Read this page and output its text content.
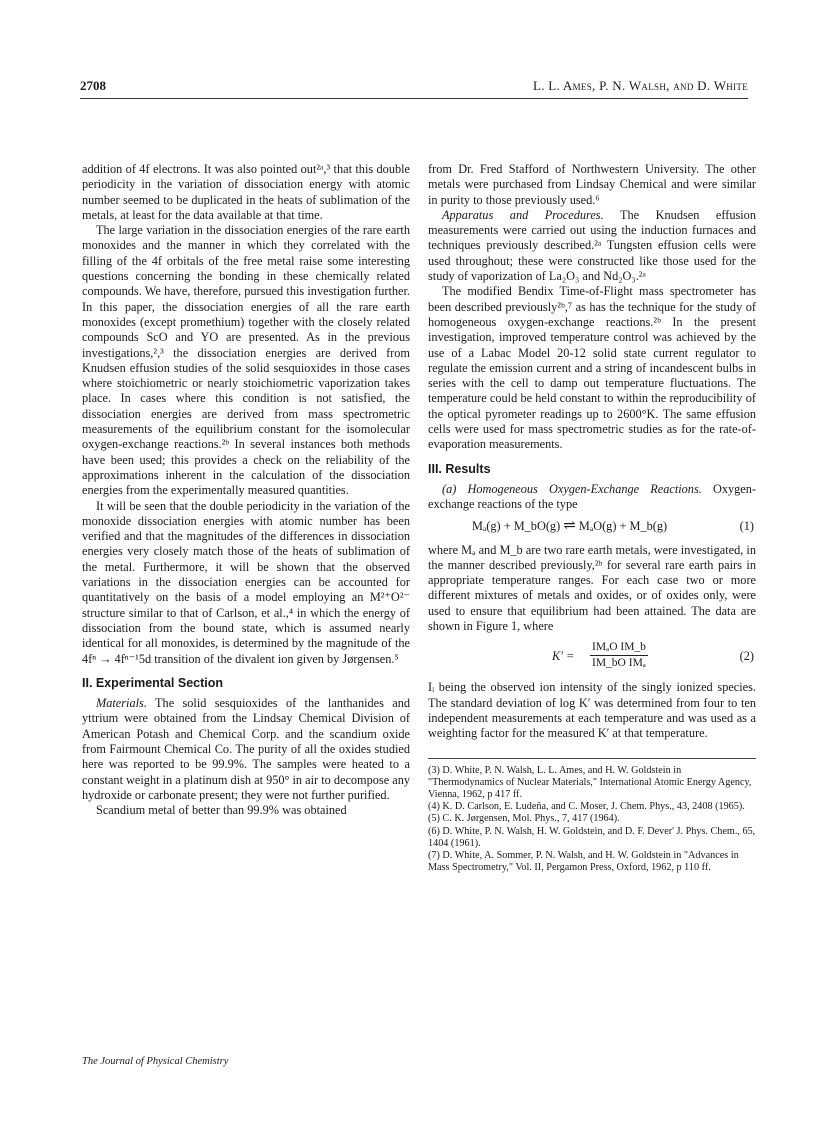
2708	L. L. Ames, P. N. Walsh, and D. White

addition of 4f electrons. It was also pointed out²ᵃ,³ that this double periodicity in the variation of dissociation energy with atomic number seemed to be duplicated in the heats of sublimation of the metals, at least for the data available at that time.

The large variation in the dissociation energies of the rare earth monoxides and the manner in which they correlated with the filling of the 4f orbitals of the free metal raise some interesting questions concerning the bonding in these chemically related compounds. We have, therefore, pursued this investigation further. In this paper, the dissociation energies of all the rare earth monoxides (except promethium) together with the closely related compounds ScO and YO are presented. As in the previous investigations,²,³ the dissociation energies are derived from Knudsen effusion studies of the solid sesquioxides in those cases where stoichiometric or nearly stoichiometric vaporization takes place. In cases where this condition is not satisfied, the dissociation energies are derived from mass spectrometric measurements of the equilibrium constant for the isomolecular oxygen-exchange reactions.²ᵇ In several instances both methods have been used; this provides a check on the reliability of the approximations inherent in the calculation of the dissociation energies from the experimentally measured quantities.

It will be seen that the double periodicity in the variation of the monoxide dissociation energies with atomic number has been verified and that the magnitudes of the differences in dissociation energies very closely match those of the heats of sublimation of the metal. Furthermore, it will be shown that the observed variations in the dissociation energies can be accounted for quantitatively on the basis of a model employing an M²⁺O²⁻ structure similar to that of Carlson, et al.,⁴ in which the energy of dissociation from the bound state, which is assumed nearly identical for all monoxides, is determined by the magnitude of the 4fⁿ → 4fⁿ⁻¹5d transition of the divalent ion given by Jørgensen.⁵

II. Experimental Section

Materials. The solid sesquioxides of the lanthanides and yttrium were obtained from the Lindsay Chemical Division of American Potash and Chemical Corp. and the scandium oxide from Fairmount Chemical Co. The purity of all the oxides studied here was reported to be 99.9%. The samples were heated to a constant weight in a platinum dish at 950° in air to decompose any hydroxide or carbonate present; they were not further purified.

Scandium metal of better than 99.9% was obtained

from Dr. Fred Stafford of Northwestern University. The other metals were purchased from Lindsay Chemical and were similar in purity to those previously used.⁶

Apparatus and Procedures. The Knudsen effusion measurements were carried out using the induction furnaces and techniques previously described.²ᵃ Tungsten effusion cells were used throughout; these were constructed like those used for the study of vaporization of La₂O₃ and Nd₂O₃.²ᵃ

The modified Bendix Time-of-Flight mass spectrometer has been described previously²ᵇ,⁷ as has the technique for the study of homogeneous oxygen-exchange reactions.²ᵇ In the present investigation, improved temperature control was achieved by the use of a Labac Model 20-12 solid state current regulator to regulate the emission current and a string of incandescent bulbs in series with the cell to damp out temperature fluctuations. The temperature could be held constant to within the reproducibility of the optical pyrometer readings up to 2600°K. The same effusion cells were used for mass spectrometric studies as for the rate-of-evaporation measurements.

III. Results

(a) Homogeneous Oxygen-Exchange Reactions. Oxygen-exchange reactions of the type

Mₐ(g) + M_bO(g) ⇌ MₐO(g) + M_b(g)	(1)

where Mₐ and M_b are two rare earth metals, were investigated, in the manner described previously,²ᵇ for several rare earth pairs in appropriate temperature ranges. For each case two or more different mixtures of metals and oxides, or of oxides only, were used to ensure that equilibrium had been attained. The data are shown in Figure 1, where

K′ =
IMₐO IM_b
IM_bO IMₐ	(2)

Iᵢ being the observed ion intensity of the singly ionized species. The standard deviation of log K′ was determined from four to ten independent measurements at each temperature and was used as a weighting factor for the measured K′ at that temperature.

(3) D. White, P. N. Walsh, L. L. Ames, and H. W. Goldstein in "Thermodynamics of Nuclear Materials," International Atomic Energy Agency, Vienna, 1962, p 417 ff.

(4) K. D. Carlson, E. Ludeña, and C. Moser, J. Chem. Phys., 43, 2408 (1965).

(5) C. K. Jørgensen, Mol. Phys., 7, 417 (1964).

(6) D. White, P. N. Walsh, H. W. Goldstein, and D. F. Dever' J. Phys. Chem., 65, 1404 (1961).

(7) D. White, A. Sommer, P. N. Walsh, and H. W. Goldstein in "Advances in Mass Spectrometry," Vol. II, Pergamon Press, Oxford, 1962, p 110 ff.

The Journal of Physical Chemistry
